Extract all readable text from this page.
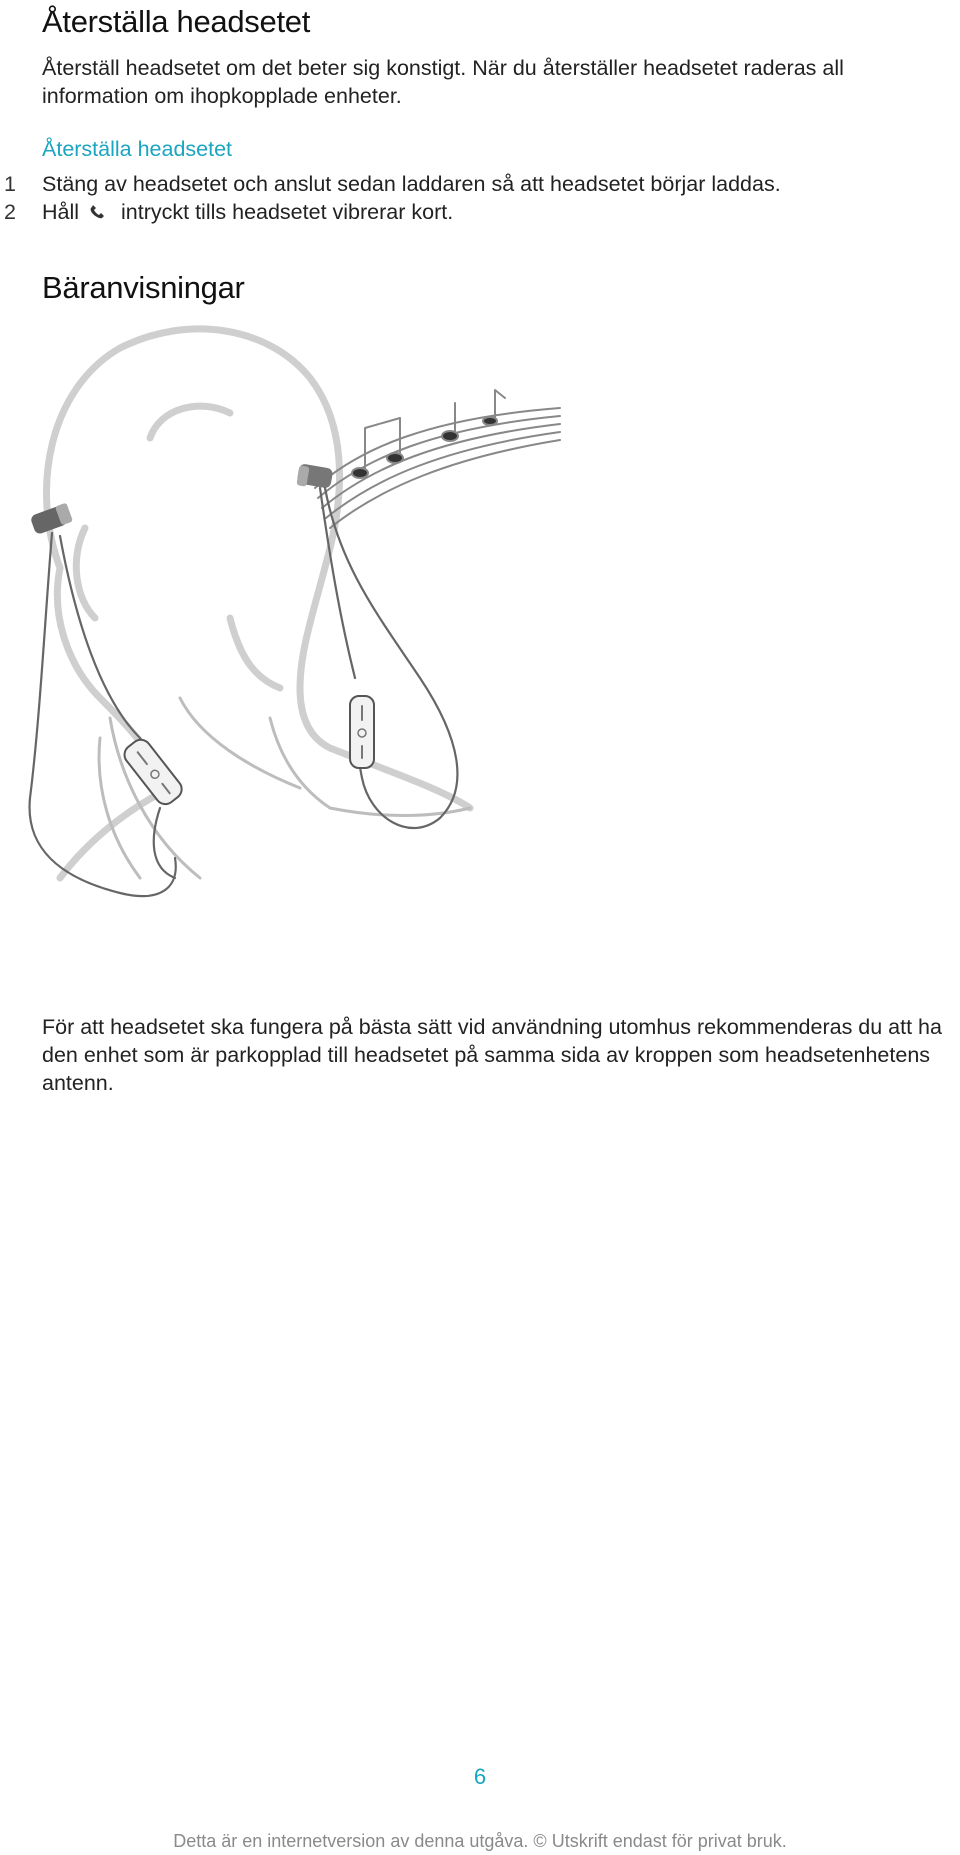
Återställa headsetet

Återställ headsetet om det beter sig konstigt. När du återställer headsetet raderas all information om ihopkopplade enheter.

Återställa headsetet
1 Stäng av headsetet och anslut sedan laddaren så att headsetet börjar laddas.
2 Håll intryckt tills headsetet vibrerar kort.
Bäranvisningar

För att headsetet ska fungera på bästa sätt vid användning utomhus rekommenderas du att ha den enhet som är parkopplad till headsetet på samma sida av kroppen som headsetenhetens antenn.

6
Detta är en internetversion av denna utgåva. © Utskrift endast för privat bruk.
